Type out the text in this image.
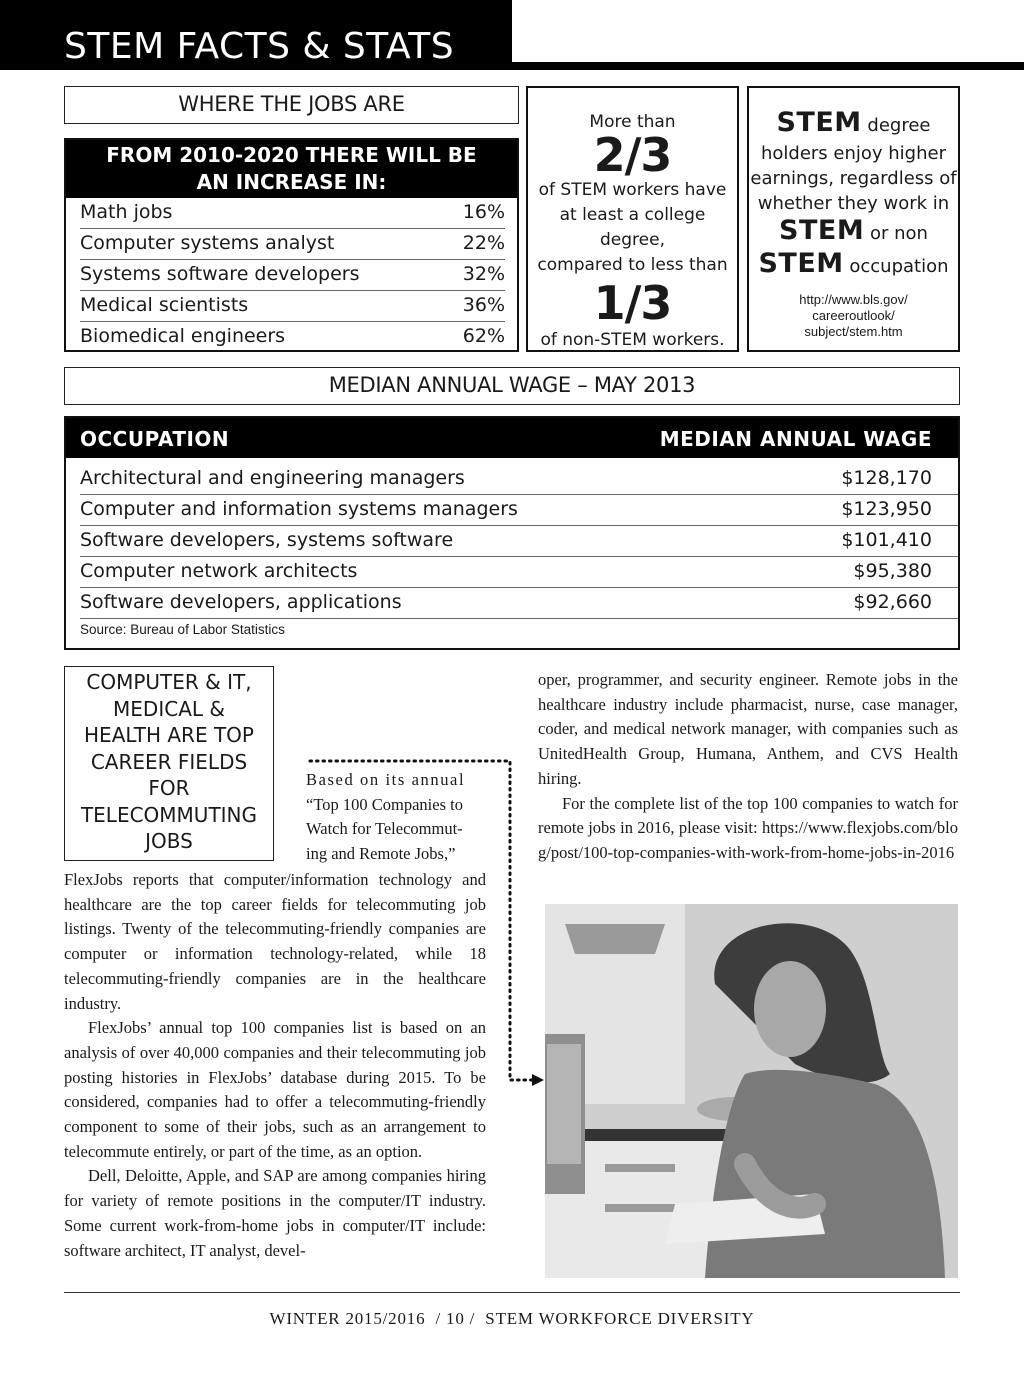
STEM FACTS & STATS
WHERE THE JOBS ARE
FROM 2010-2020 THERE WILL BE
AN INCREASE IN:
Math jobs	16%
Computer systems analyst	22%
Systems software developers	32%
Medical scientists	36%
Biomedical engineers	62%
More than
2/3
of STEM workers have
at least a college degree,
compared to less than
1/3
of non-STEM workers.
STEM degree
holders enjoy higher
earnings, regardless of
whether they work in
STEM or non
STEM occupation
http://www.bls.gov/
careeroutlook/
subject/stem.htm
MEDIAN ANNUAL WAGE – MAY 2013
OCCUPATION	MEDIAN ANNUAL WAGE
Architectural and engineering managers	$128,170
Computer and information systems managers	$123,950
Software developers, systems software	$101,410
Computer network architects	$95,380
Software developers, applications	$92,660
Source: Bureau of Labor Statistics
COMPUTER & IT,
MEDICAL &
HEALTH ARE TOP
CAREER FIELDS
FOR
TELECOMMUTING
JOBS
Based on its annual
“Top 100 Companies to
Watch for Telecommut-
ing and Remote Jobs,”

FlexJobs reports that computer/information technology and healthcare are the top career fields for telecommuting job listings. Twenty of the telecommuting-friendly companies are computer or information technology-related, while 18 telecommuting-friendly companies are in the healthcare industry.

FlexJobs’ annual top 100 companies list is based on an analysis of over 40,000 companies and their telecommuting job posting histories in FlexJobs’ database during 2015. To be considered, companies had to offer a telecommuting-friendly component to some of their jobs, such as an arrangement to telecommute entirely, or part of the time, as an option.

Dell, Deloitte, Apple, and SAP are among companies hiring for variety of remote positions in the computer/IT industry. Some current work-from-home jobs in computer/IT include: software architect, IT analyst, devel-

oper, programmer, and security engineer. Remote jobs in the healthcare industry include pharmacist, nurse, case manager, coder, and medical network manager, with companies such as UnitedHealth Group, Humana, Anthem, and CVS Health hiring.

For the complete list of the top 100 companies to watch for remote jobs in 2016, please visit: https://www.flexjobs.com/blog/post/100-top-companies-with-work-from-home-jobs-in-2016

WINTER 2015/2016  / 10 /  STEM WORKFORCE DIVERSITY
